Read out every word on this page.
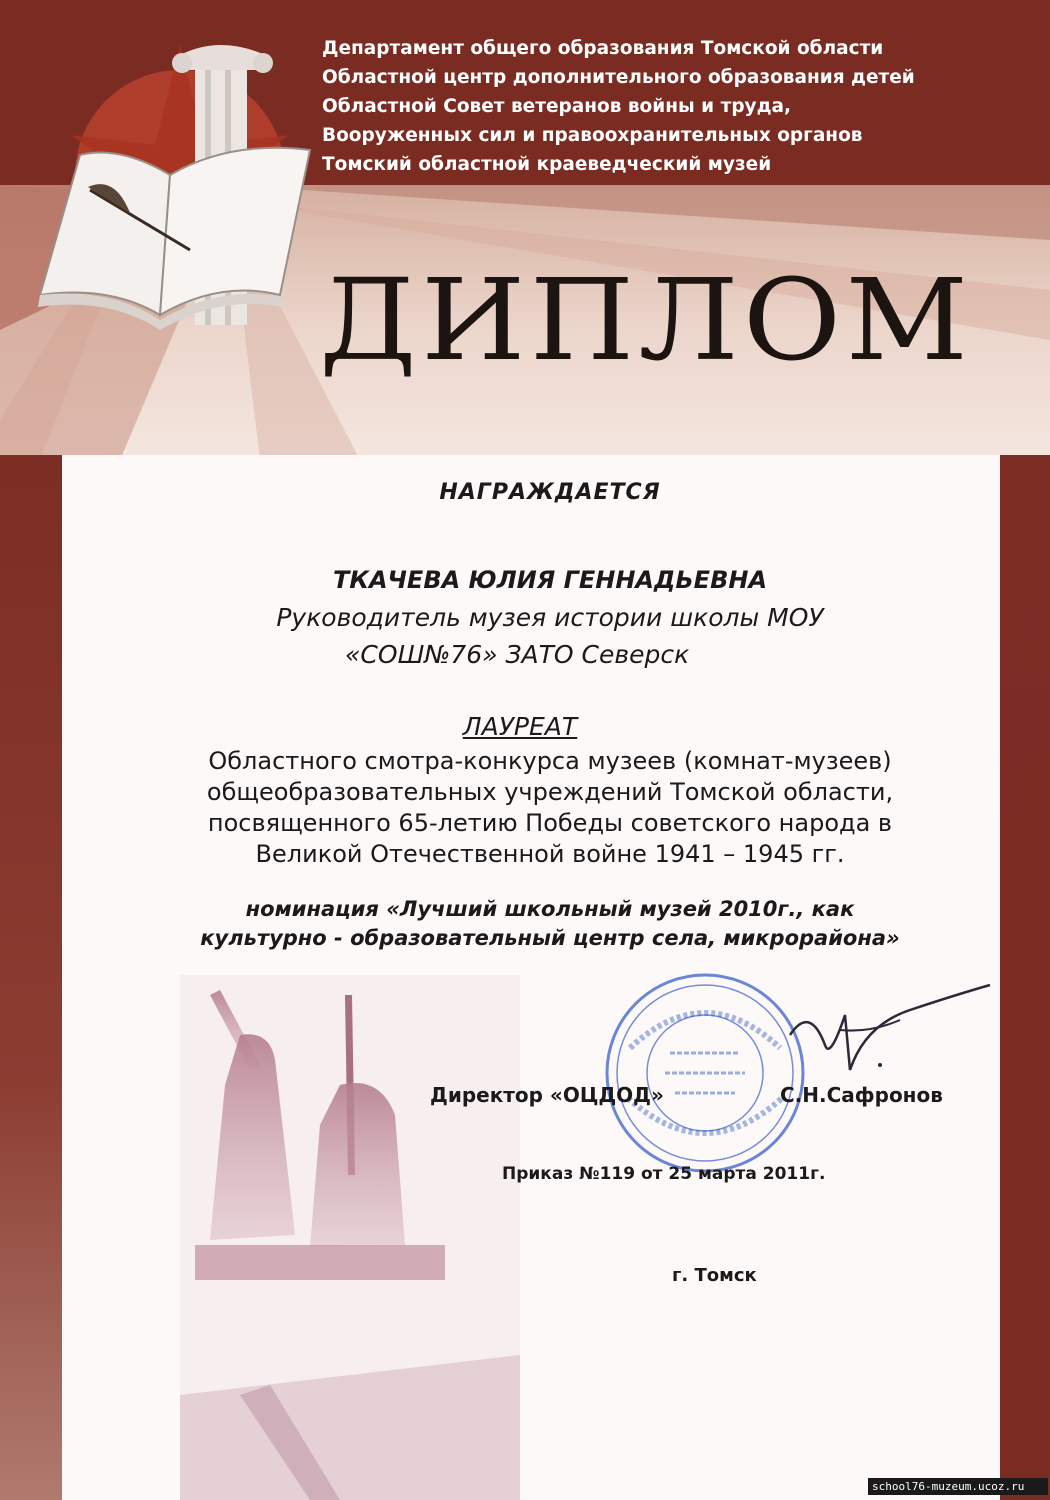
Департамент общего образования Томской области
Областной центр дополнительного образования детей
Областной Совет ветеранов войны и труда,
Вооруженных сил и правоохранительных органов
Томский областной краеведческий музей
ДИПЛОМ
НАГРАЖДАЕТСЯ
ТКАЧЕВА ЮЛИЯ ГЕННАДЬЕВНА
Руководитель музея истории школы МОУ
«СОШ№76» ЗАТО Северск
ЛАУРЕАТ
Областного смотра-конкурса музеев (комнат-музеев)
общеобразовательных учреждений Томской области,
посвященного 65-летию Победы советского народа в
Великой Отечественной войне 1941 – 1945 гг.
номинация «Лучший школьный музей 2010г., как
культурно - образовательный центр села, микрорайона»
Директор «ОЦДОД»	С.Н.Сафронов
Приказ №119 от 25 марта 2011г.
г. Томск
school76-muzeum.ucoz.ru
